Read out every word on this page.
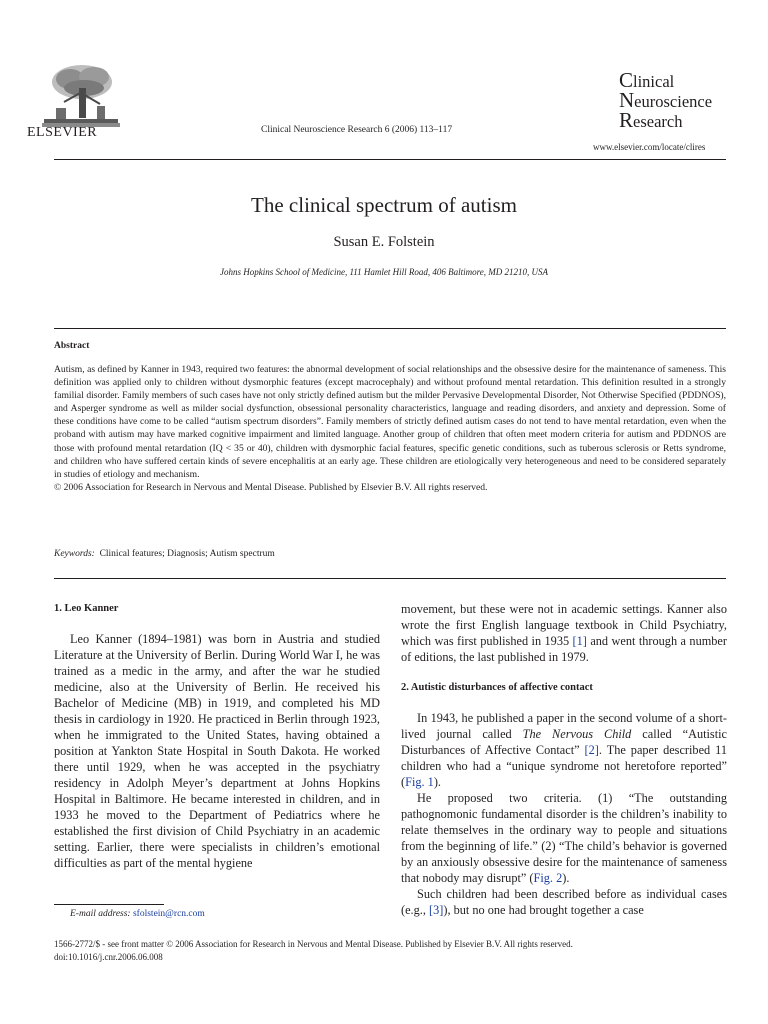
ELSEVIER	Clinical Neuroscience Research 6 (2006) 113–117
Clinical
Neuroscience
Research
www.elsevier.com/locate/clires
The clinical spectrum of autism
Susan E. Folstein
Johns Hopkins School of Medicine, 111 Hamlet Hill Road, 406 Baltimore, MD 21210, USA
Abstract

Autism, as defined by Kanner in 1943, required two features: the abnormal development of social relationships and the obsessive desire for the maintenance of sameness. This definition was applied only to children without dysmorphic features (except macrocephaly) and without profound mental retardation. This definition resulted in a strongly familial disorder. Family members of such cases have not only strictly defined autism but the milder Pervasive Developmental Disorder, Not Otherwise Specified (PDDNOS), and Asperger syndrome as well as milder social dysfunction, obsessional personality characteristics, language and reading disorders, and anxiety and depression. Some of these conditions have come to be called “autism spectrum disorders”. Family members of strictly defined autism cases do not tend to have mental retardation, even when the proband with autism may have marked cognitive impairment and limited language. Another group of children that often meet modern criteria for autism and PDDNOS are those with profound mental retardation (IQ < 35 or 40), children with dysmorphic facial features, specific genetic conditions, such as tuberous sclerosis or Retts syndrome, and children who have suffered certain kinds of severe encephalitis at an early age. These children are etiologically very heterogeneous and need to be considered separately in studies of etiology and mechanism.

© 2006 Association for Research in Nervous and Mental Disease. Published by Elsevier B.V. All rights reserved.

Keywords: Clinical features; Diagnosis; Autism spectrum
1. Leo Kanner

Leo Kanner (1894–1981) was born in Austria and studied Literature at the University of Berlin. During World War I, he was trained as a medic in the army, and after the war he studied medicine, also at the University of Berlin. He received his Bachelor of Medicine (MB) in 1919, and completed his MD thesis in cardiology in 1920. He practiced in Berlin through 1923, when he immigrated to the United States, having obtained a position at Yankton State Hospital in South Dakota. He worked there until 1929, when he was accepted in the psychiatry residency in Adolph Meyer’s department at Johns Hopkins Hospital in Baltimore. He became interested in children, and in 1933 he moved to the Department of Pediatrics where he established the first division of Child Psychiatry in an academic setting. Earlier, there were specialists in children’s emotional difficulties as part of the mental hygiene

movement, but these were not in academic settings. Kanner also wrote the first English language textbook in Child Psychiatry, which was first published in 1935 [1] and went through a number of editions, the last published in 1979.

2. Autistic disturbances of affective contact

In 1943, he published a paper in the second volume of a short-lived journal called The Nervous Child called “Autistic Disturbances of Affective Contact” [2]. The paper described 11 children who had a “unique syndrome not heretofore reported” (Fig. 1).

He proposed two criteria. (1) “The outstanding pathognomonic fundamental disorder is the children’s inability to relate themselves in the ordinary way to people and situations from the beginning of life.” (2) “The child’s behavior is governed by an anxiously obsessive desire for the maintenance of sameness that nobody may disrupt” (Fig. 2).

Such children had been described before as individual cases (e.g., [3]), but no one had brought together a case

E-mail address: sfolstein@rcn.com
1566-2772/$ - see front matter © 2006 Association for Research in Nervous and Mental Disease. Published by Elsevier B.V. All rights reserved.
doi:10.1016/j.cnr.2006.06.008
